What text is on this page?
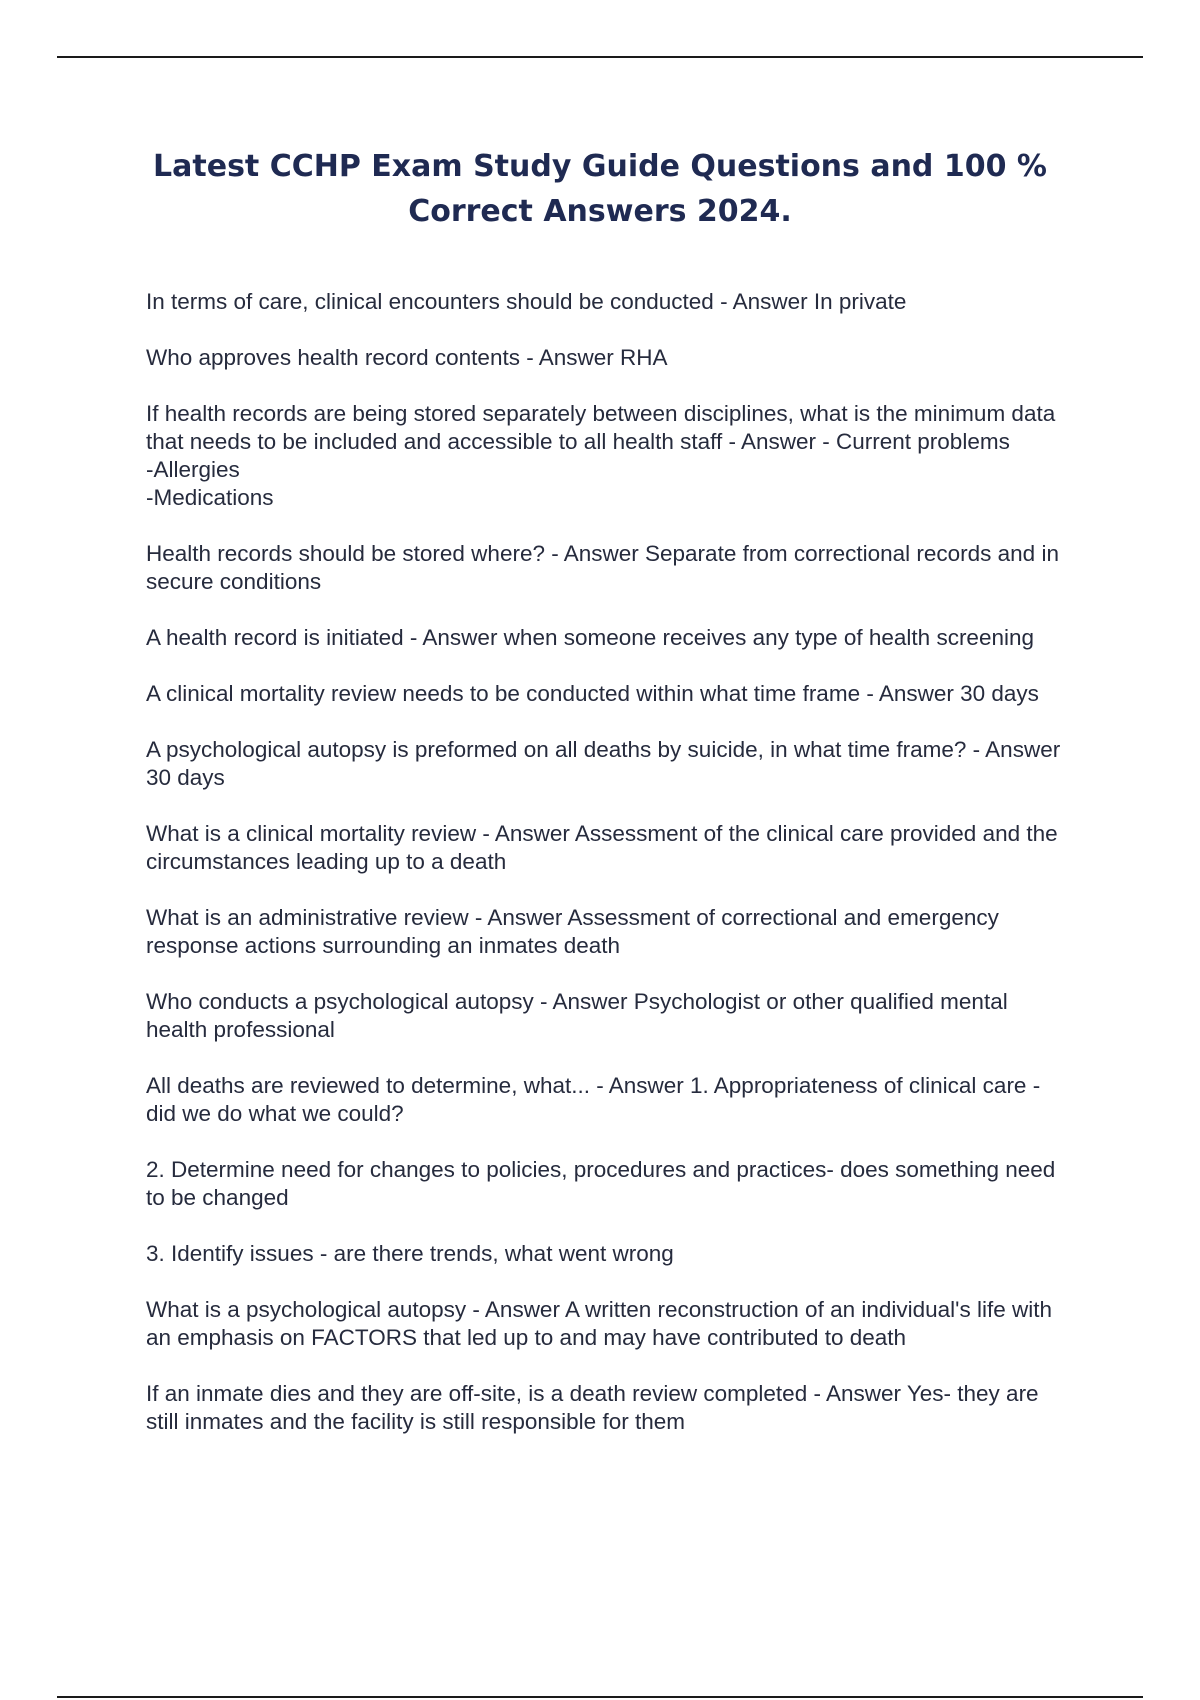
Latest CCHP Exam Study Guide Questions and 100 % Correct Answers 2024.

In terms of care, clinical encounters should be conducted - Answer In private

Who approves health record contents - Answer RHA

If health records are being stored separately between disciplines, what is the minimum data that needs to be included and accessible to all health staff - Answer - Current problems
-Allergies
-Medications

Health records should be stored where? - Answer Separate from correctional records and in secure conditions

A health record is initiated - Answer when someone receives any type of health screening

A clinical mortality review needs to be conducted within what time frame - Answer 30 days

A psychological autopsy is preformed on all deaths by suicide, in what time frame? - Answer 30 days

What is a clinical mortality review - Answer Assessment of the clinical care provided and the circumstances leading up to a death

What is an administrative review - Answer Assessment of correctional and emergency response actions surrounding an inmates death

Who conducts a psychological autopsy - Answer Psychologist or other qualified mental health professional

All deaths are reviewed to determine, what... - Answer 1. Appropriateness of clinical care - did we do what we could?

2. Determine need for changes to policies, procedures and practices- does something need to be changed

3. Identify issues - are there trends, what went wrong

What is a psychological autopsy - Answer A written reconstruction of an individual's life with an emphasis on FACTORS that led up to and may have contributed to death

If an inmate dies and they are off-site, is a death review completed - Answer Yes- they are still inmates and the facility is still responsible for them
